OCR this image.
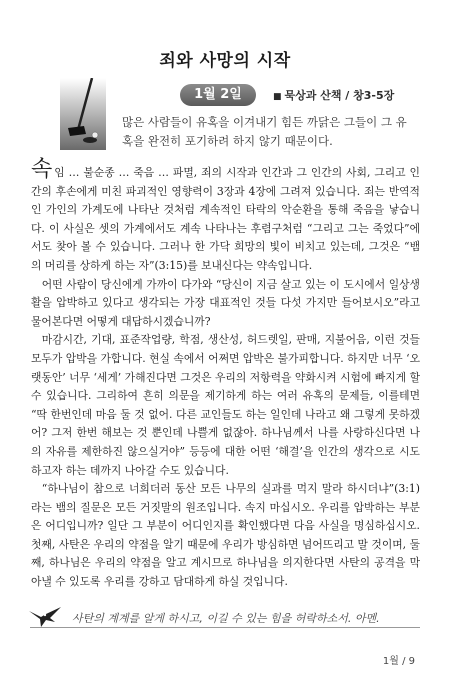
죄와 사망의 시작
1월 2일	■ 묵상과 산책 / 창3-5장
많은 사람들이 유혹을 이겨내기 힘든 까닭은 그들이 그 유혹을 완전히 포기하려 하지 않기 때문이다.

속임 … 불순종 … 죽음 … 파멸, 죄의 시작과 인간과 그 인간의 사회, 그리고 인간의 후손에게 미친 파괴적인 영향력이 3장과 4장에 그려져 있습니다. 죄는 반역적인 가인의 가계도에 나타난 것처럼 계속적인 타락의 악순환을 통해 죽음을 낳습니다. 이 사실은 셋의 가계에서도 계속 나타나는 후렴구처럼 “그리고 그는 죽었다”에서도 찾아 볼 수 있습니다. 그러나 한 가닥 희망의 빛이 비치고 있는데, 그것은 “뱀의 머리를 상하게 하는 자”(3:15)를 보내신다는 약속입니다.

어떤 사람이 당신에게 가까이 다가와 “당신이 지금 살고 있는 이 도시에서 일상생활을 압박하고 있다고 생각되는 가장 대표적인 것들 다섯 가지만 들어보시오”라고 물어본다면 어떻게 대답하시겠습니까?

마감시간, 기대, 표준작업량, 학점, 생산성, 허드렛일, 판매, 지불어음, 이런 것들 모두가 압박을 가합니다. 현실 속에서 어쩌면 압박은 불가피합니다. 하지만 너무 ‘오랫동안’ 너무 ‘세게’ 가해진다면 그것은 우리의 저항력을 약화시켜 시험에 빠지게 할 수 있습니다. 그리하여 흔히 의문을 제기하게 하는 여러 유혹의 문제들, 이를테면 “딱 한번인데 마음 둘 것 없어. 다른 교인들도 하는 일인데 나라고 왜 그렇게 못하겠어? 그저 한번 해보는 것 뿐인데 나쁠게 없잖아. 하나님께서 나를 사랑하신다면 나의 자유를 제한하진 않으실거야” 등등에 대한 어떤 ‘해결’을 인간의 생각으로 시도하고자 하는 데까지 나아갈 수도 있습니다.

“하나님이 참으로 너희더러 동산 모든 나무의 실과를 먹지 말라 하시더냐”(3:1)라는 뱀의 질문은 모든 거짓말의 원조입니다. 속지 마십시오. 우리를 압박하는 부분은 어디입니까? 일단 그 부분이 어디인지를 확인했다면 다음 사실을 명심하십시오. 첫째, 사탄은 우리의 약점을 알기 때문에 우리가 방심하면 넘어뜨리고 말 것이며, 둘째, 하나님은 우리의 약점을 알고 계시므로 하나님을 의지한다면 사탄의 공격을 막아낼 수 있도록 우리를 강하고 담대하게 하실 것입니다.

사탄의 계계를 알게 하시고, 이길 수 있는 힘을 허락하소서. 아멘.
1월 / 9
